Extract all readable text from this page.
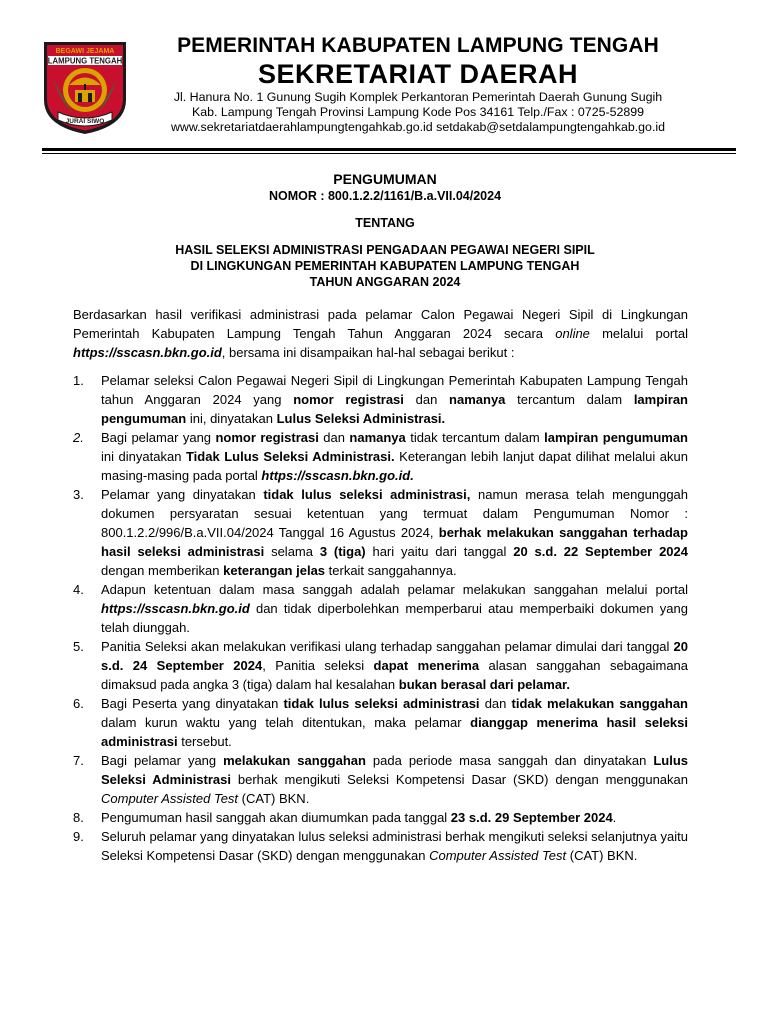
BEGAWI JEJAMA
LAMPUNG TENGAH
JURAI SIWO
PEMERINTAH KABUPATEN LAMPUNG TENGAH
SEKRETARIAT DAERAH
Jl. Hanura No. 1 Gunung Sugih Komplek Perkantoran Pemerintah Daerah Gunung Sugih
Kab. Lampung Tengah Provinsi Lampung Kode Pos 34161 Telp./Fax : 0725-52899
www.sekretariatdaerahlampungtengahkab.go.id setdakab@setdalampungtengahkab.go.id
PENGUMUMAN
NOMOR : 800.1.2.2/1161/B.a.VII.04/2024
TENTANG
HASIL SELEKSI ADMINISTRASI PENGADAAN PEGAWAI NEGERI SIPIL
DI LINGKUNGAN PEMERINTAH KABUPATEN LAMPUNG TENGAH
TAHUN ANGGARAN 2024

Berdasarkan hasil verifikasi administrasi pada pelamar Calon Pegawai Negeri Sipil di Lingkungan Pemerintah Kabupaten Lampung Tengah Tahun Anggaran 2024 secara online melalui portal https://sscasn.bkn.go.id, bersama ini disampaikan hal-hal sebagai berikut :

1. Pelamar seleksi Calon Pegawai Negeri Sipil di Lingkungan Pemerintah Kabupaten Lampung Tengah tahun Anggaran 2024 yang nomor registrasi dan namanya tercantum dalam lampiran pengumuman ini, dinyatakan Lulus Seleksi Administrasi.
2. Bagi pelamar yang nomor registrasi dan namanya tidak tercantum dalam lampiran pengumuman ini dinyatakan Tidak Lulus Seleksi Administrasi. Keterangan lebih lanjut dapat dilihat melalui akun masing-masing pada portal https://sscasn.bkn.go.id.
3. Pelamar yang dinyatakan tidak lulus seleksi administrasi, namun merasa telah mengunggah dokumen persyaratan sesuai ketentuan yang termuat dalam Pengumuman Nomor : 800.1.2.2/996/B.a.VII.04/2024 Tanggal 16 Agustus 2024, berhak melakukan sanggahan terhadap hasil seleksi administrasi selama 3 (tiga) hari yaitu dari tanggal 20 s.d. 22 September 2024 dengan memberikan keterangan jelas terkait sanggahannya.
4. Adapun ketentuan dalam masa sanggah adalah pelamar melakukan sanggahan melalui portal https://sscasn.bkn.go.id dan tidak diperbolehkan memperbarui atau memperbaiki dokumen yang telah diunggah.
5. Panitia Seleksi akan melakukan verifikasi ulang terhadap sanggahan pelamar dimulai dari tanggal 20 s.d. 24 September 2024, Panitia seleksi dapat menerima alasan sanggahan sebagaimana dimaksud pada angka 3 (tiga) dalam hal kesalahan bukan berasal dari pelamar.
6. Bagi Peserta yang dinyatakan tidak lulus seleksi administrasi dan tidak melakukan sanggahan dalam kurun waktu yang telah ditentukan, maka pelamar dianggap menerima hasil seleksi administrasi tersebut.
7. Bagi pelamar yang melakukan sanggahan pada periode masa sanggah dan dinyatakan Lulus Seleksi Administrasi berhak mengikuti Seleksi Kompetensi Dasar (SKD) dengan menggunakan Computer Assisted Test (CAT) BKN.
8. Pengumuman hasil sanggah akan diumumkan pada tanggal 23 s.d. 29 September 2024.
9. Seluruh pelamar yang dinyatakan lulus seleksi administrasi berhak mengikuti seleksi selanjutnya yaitu Seleksi Kompetensi Dasar (SKD) dengan menggunakan Computer Assisted Test (CAT) BKN.
